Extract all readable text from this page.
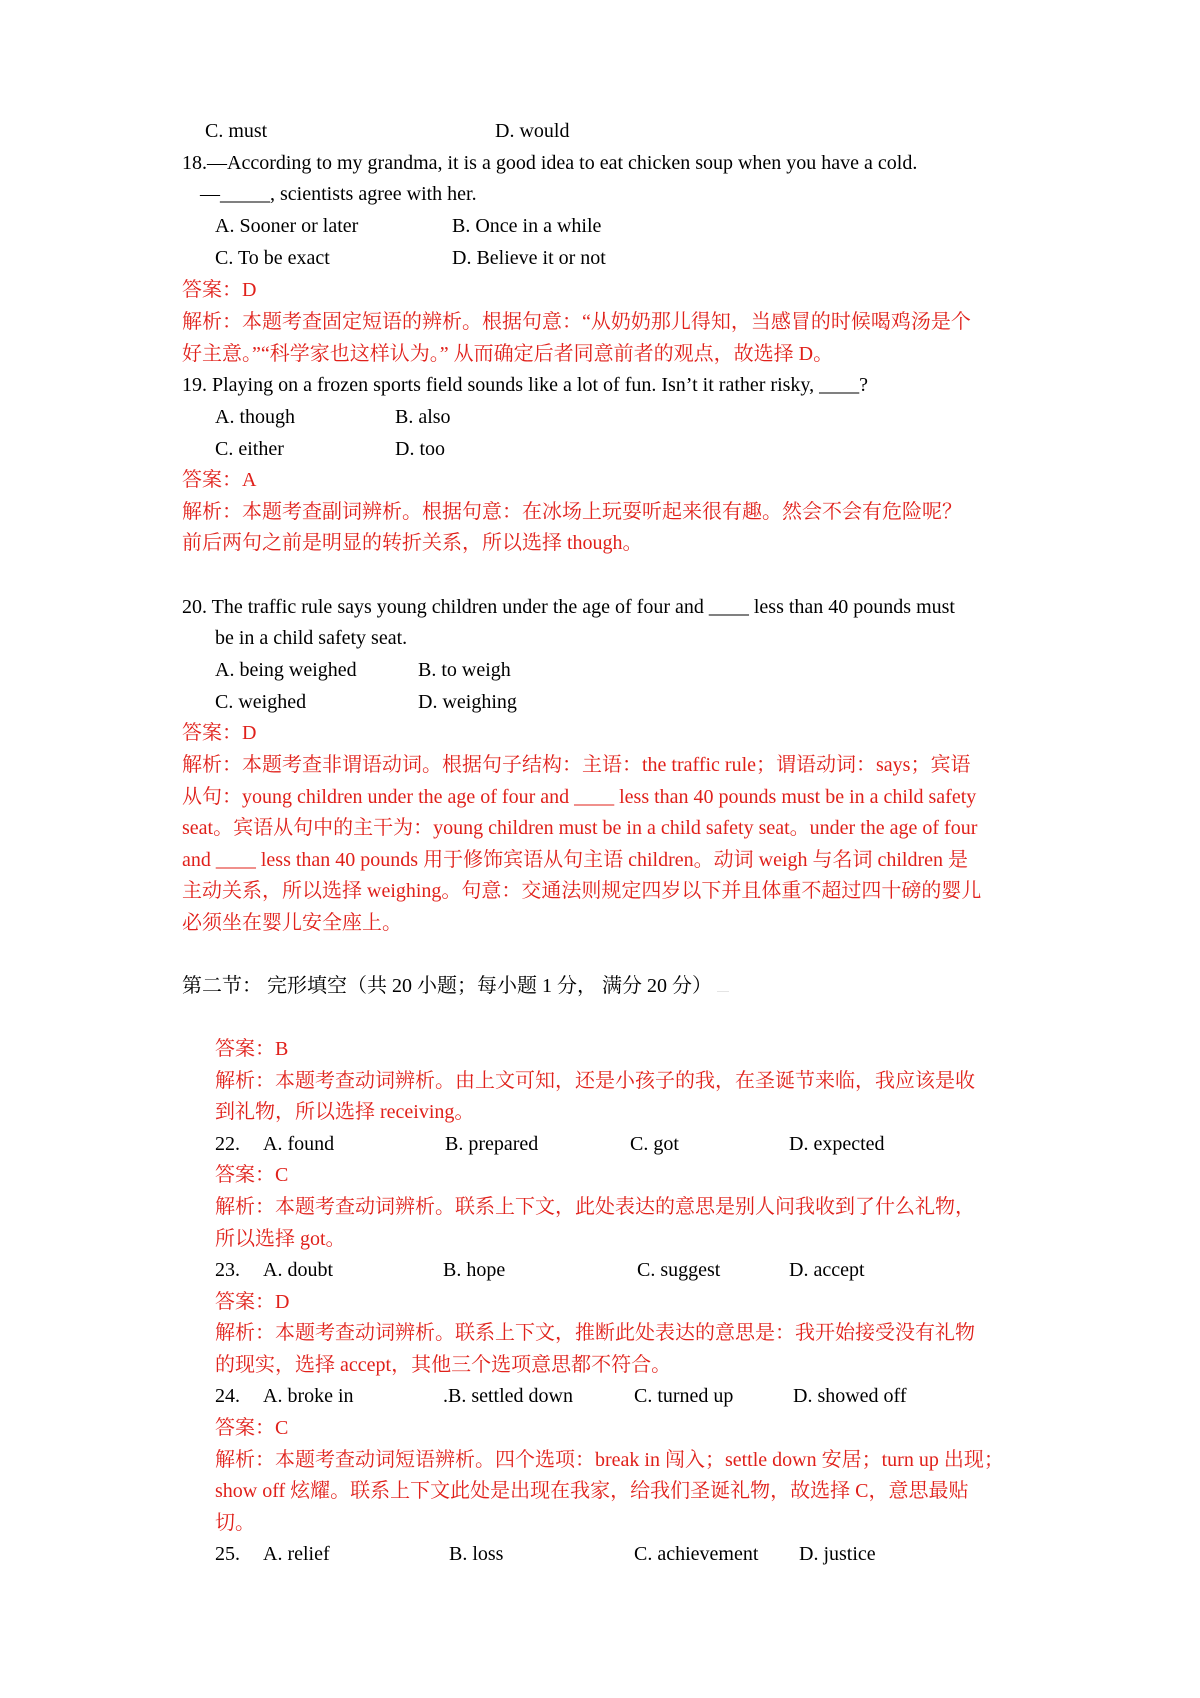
C. must	D. would
18.—According to my grandma, it is a good idea to eat chicken soup when you have a cold.
—_____, scientists agree with her.
A. Sooner or later	B. Once in a while
C. To be exact	D. Believe it or not
答案：D
解析：本题考查固定短语的辨析。根据句意：“从奶奶那儿得知，当感冒的时候喝鸡汤是个
好主意。”“科学家也这样认为。” 从而确定后者同意前者的观点，故选择 D。
19. Playing on a frozen sports field sounds like a lot of fun. Isn’t it rather risky, ____?
A. though	B. also
C. either	D. too
答案：A
解析：本题考查副词辨析。根据句意：在冰场上玩耍听起来很有趣。然会不会有危险呢？
前后两句之前是明显的转折关系，所以选择 though。
20. The traffic rule says young children under the age of four and ____ less than 40 pounds must
be in a child safety seat.
A. being weighed	B. to weigh
C. weighed	D. weighing
答案：D
解析：本题考查非谓语动词。根据句子结构：主语：the traffic rule；谓语动词：says；宾语
从句：young children under the age of four and ____ less than 40 pounds must be in a child safety
seat。宾语从句中的主干为：young children must be in a child safety seat。under the age of four
and ____ less than 40 pounds 用于修饰宾语从句主语 children。动词 weigh 与名词 children 是
主动关系，所以选择 weighing。句意：交通法则规定四岁以下并且体重不超过四十磅的婴儿
必须坐在婴儿安全座上。
第二节： 完形填空（共 20 小题；每小题 1 分， 满分 20 分） ......
答案：B
解析：本题考查动词辨析。由上文可知，还是小孩子的我，在圣诞节来临，我应该是收
到礼物，所以选择 receiving。
22. A. found	B. prepared	C. got	D. expected
答案：C
解析：本题考查动词辨析。联系上下文，此处表达的意思是别人问我收到了什么礼物，
所以选择 got。
23. A. doubt	B. hope	C. suggest	D. accept
答案：D
解析：本题考查动词辨析。联系上下文，推断此处表达的意思是：我开始接受没有礼物
的现实，选择 accept，其他三个选项意思都不符合。
24. A. broke in	.B. settled down	C. turned up	D. showed off
答案：C
解析：本题考查动词短语辨析。四个选项：break in 闯入；settle down 安居；turn up 出现；
show off 炫耀。联系上下文此处是出现在我家，给我们圣诞礼物，故选择 C，意思最贴
切。
25. A. relief	B. loss	C. achievement D. justice
